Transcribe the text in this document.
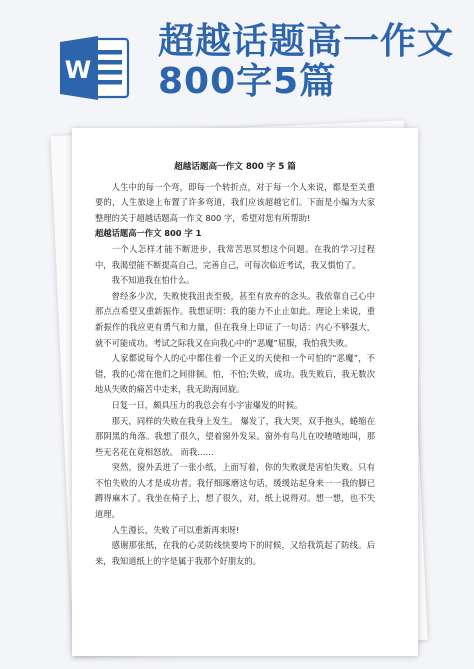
W
超越话题高一作文
800字5篇
超越话题高一作文 800 字 5 篇
人生中的每一个弯，即每一个转折点，对于每一个人来说，都是至关重要的，人生旅途上布置了许多弯道，我们应该超越它们。下面是小编为大家整理的关于超越话题高一作文 800 字，希望对您有所帮助!
超越话题高一作文 800 字 1
一个人怎样才能不断进步，我常苦思冥想这个问题。在我的学习过程中，我渴望能不断提高自己，完善自己，可每次临近考试，我又惧怕了。
我不知道我在怕什么。
曾经多少次，失败使我沮丧至极，甚至有放弃的念头。我依靠自己心中那点点希望又重新振作。我想证明：我的能力不止止如此。理论上来说，重新振作的我应更有勇气和力量，但在我身上印证了一句话：内心不够强大，就不可能成功。考试之际我又在向我心中的“恶魔”屈服，我怕我失败。
人家都说每个人的心中都住着一个正义的天使和一个可怕的“恶魔”，不错，我的心常在他们之间徘徊。怕，不怕;失败，成功。我失败后，我无数次地从失败的痛苦中走来，我无助海回旋。
日复一日，颇具压力的我总会有小宇宙爆发的时候。
那天，同样的失败在我身上发生。 爆发了，我大哭，双手抱头，蜷缩在那阴黑的角落。我想了很久，望着窗外发呆。窗外有鸟儿在咬喳喳地叫，那些无名花在竟相怒放。 而我……
突然，窗外丢进了一张小纸，上面写着，你的失败就是害怕失败。只有不怕失败的人才是成功者。我仔细琢磨这句话，缓缓站起身来一一我的脚已蹲得麻木了。我坐在椅子上，想了很久，对，纸上说得对。想一想，也不失道理。
人生漫长，失败了可以重新再来呀!
感谢那张纸，在我的心灵防线快要垮下的时候，又给我筑起了防线。后来，我知道纸上的字是属于我那个好朋友的。
